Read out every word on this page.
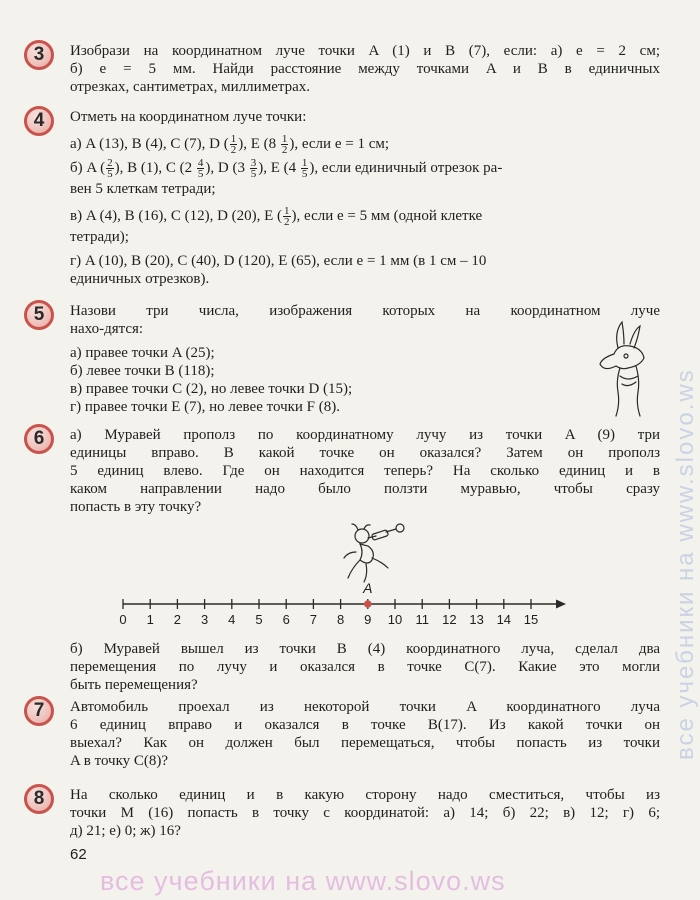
3 Изобрази на координатном луче точки A (1) и B (7), если: а) e = 2 см;
б) e = 5 мм. Найди расстояние между точками A и B в единичных
отрезках, сантиметрах, миллиметрах.
4 Отметь на координатном луче точки:
а) A (13), B (4), C (7), D ( $\frac{1}{2}$ ), E ($8 \frac{1}{2}$ ), если e = 1 см;
б) A ( $\frac{2}{5}$ ), B (1), C ($2 \frac{4}{5}$ ), D ($3 \frac{3}{5}$ ), E ($4 \frac{1}{5}$ ), если единичный отрезок ра-
вен 5 клеткам тетради;
в) A (4), B (16), C (12), D (20), E ( $\frac{1}{2}$ ), если e = 5 мм (одной клетке
тетради);
г) A (10), B (20), C (40), D (120), E (65), если e = 1 мм (в 1 см – 10
единичных отрезков).
5 Назови три числа, изображения которых на координатном луче
нахо-дятся:
а) правее точки A (25);
б) левее точки B (118);
в) правее точки C (2), но левее точки D (15);
г) правее точки E (7), но левее точки F (8).
6 а) Муравей прополз по координатному лучу из точки A (9) три
единицы вправо. В какой точке он оказался? Затем он прополз
5 единиц влево. Где он находится теперь? На сколько единиц и в
каком направлении надо было ползти муравью, чтобы сразу
попасть в эту точку?
A
0 1 2 3 4 5 6 7 8 9 10 11 12 13 14 15
б) Муравей вышел из точки B (4) координатного луча, сделал два
перемещения по лучу и оказался в точке C(7). Какие это могли
быть перемещения?
7 Автомобиль проехал из некоторой точки A координатного луча
6 единиц вправо и оказался в точке B(17). Из какой точки он
выехал? Как он должен был перемещаться, чтобы попасть из точки
A в точку C(8)?
8 На сколько единиц и в какую сторону надо сместиться, чтобы из
точки M (16) попасть в точку с координатой: а) 14; б) 22; в) 12; г) 6;
д) 21; е) 0; ж) 16?
62
все учебники на www.slovo.ws
все учебники на www.slovo.ws
